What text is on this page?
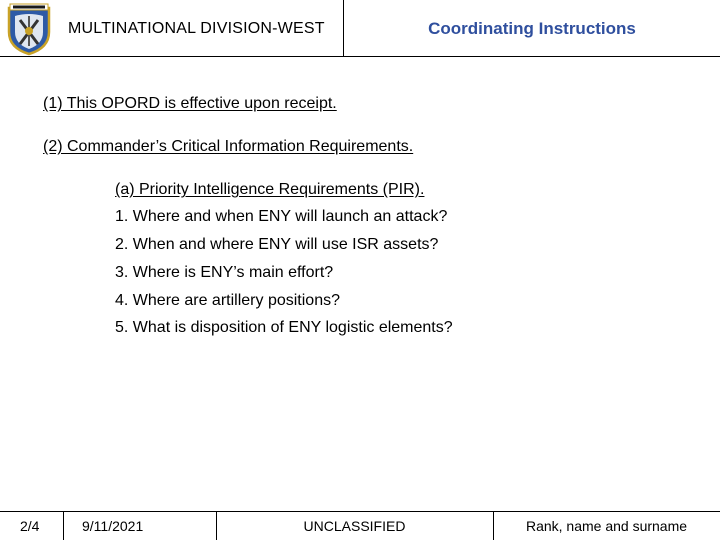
MULTINATIONAL DIVISION-WEST	Coordinating Instructions
(1) This OPORD is effective upon receipt.
(2) Commander’s Critical Information Requirements.
(a) Priority Intelligence Requirements (PIR).
1. Where and when ENY will launch an attack?
2. When and where ENY will use ISR assets?
3. Where is ENY’s main effort?
4. Where are artillery positions?
5. What is disposition of ENY logistic elements?
2/4	9/11/2021	UNCLASSIFIED	Rank, name and surname
